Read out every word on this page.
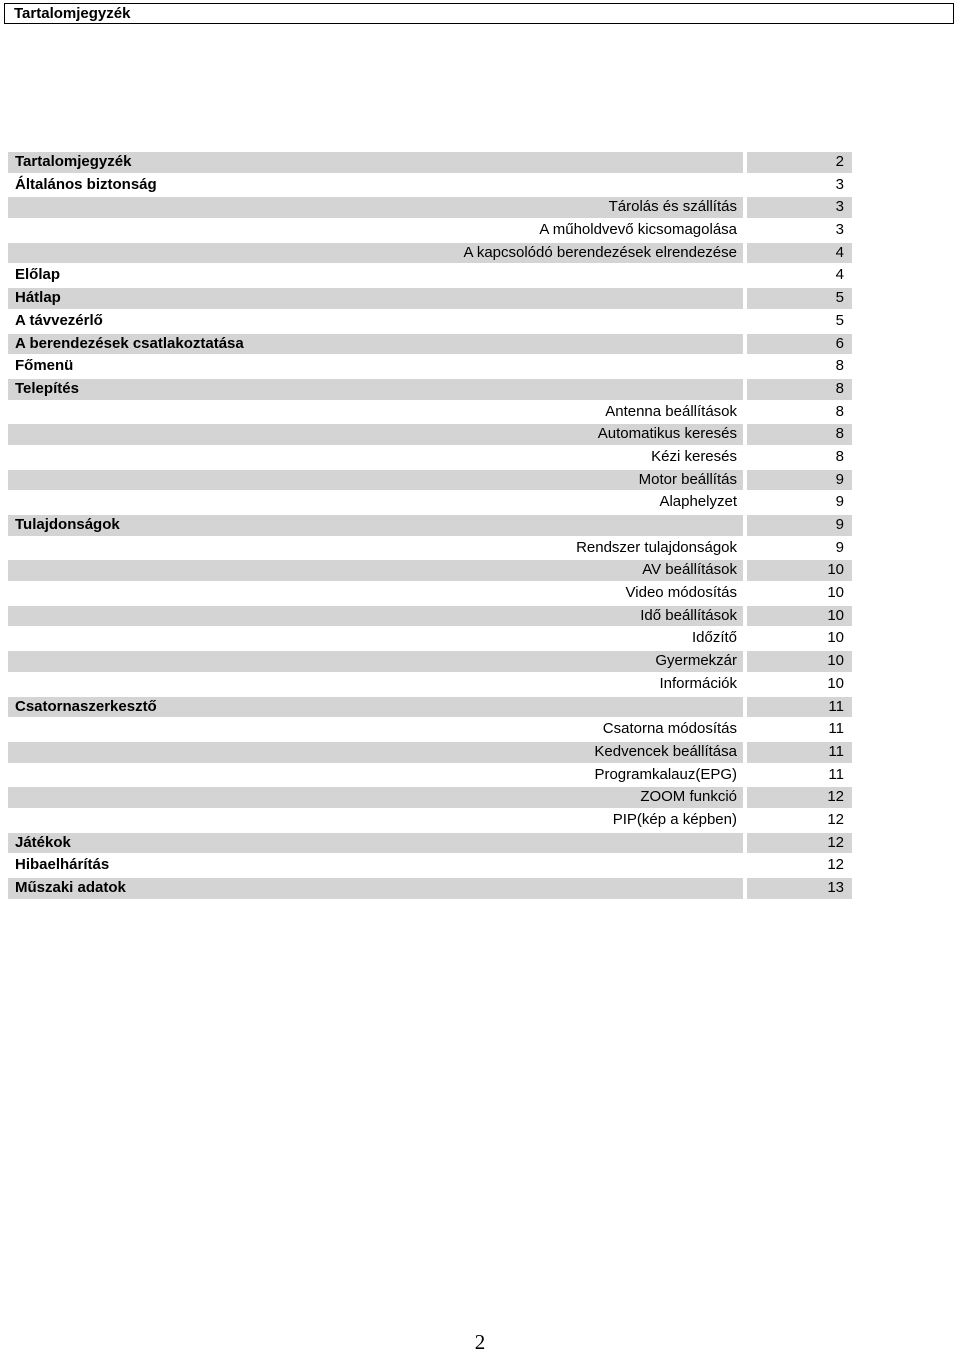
Tartalomjegyzék
Tartalomjegyzék	2
Általános biztonság	3
Tárolás és szállítás	3
A műholdvevő kicsomagolása	3
A kapcsolódó berendezések elrendezése	4
Előlap	4
Hátlap	5
A távvezérlő	5
A berendezések csatlakoztatása	6
Főmenü	8
Telepítés	8
Antenna beállítások	8
Automatikus keresés	8
Kézi keresés	8
Motor beállítás	9
Alaphelyzet	9
Tulajdonságok	9
Rendszer tulajdonságok	9
AV beállítások	10
Video módosítás	10
Idő beállítások	10
Időzítő	10
Gyermekzár	10
Információk	10
Csatornaszerkesztő	11
Csatorna módosítás	11
Kedvencek beállítása	11
Programkalauz(EPG)	11
ZOOM funkció	12
PIP(kép a képben)	12
Játékok	12
Hibaelhárítás	12
Műszaki adatok	13
2
